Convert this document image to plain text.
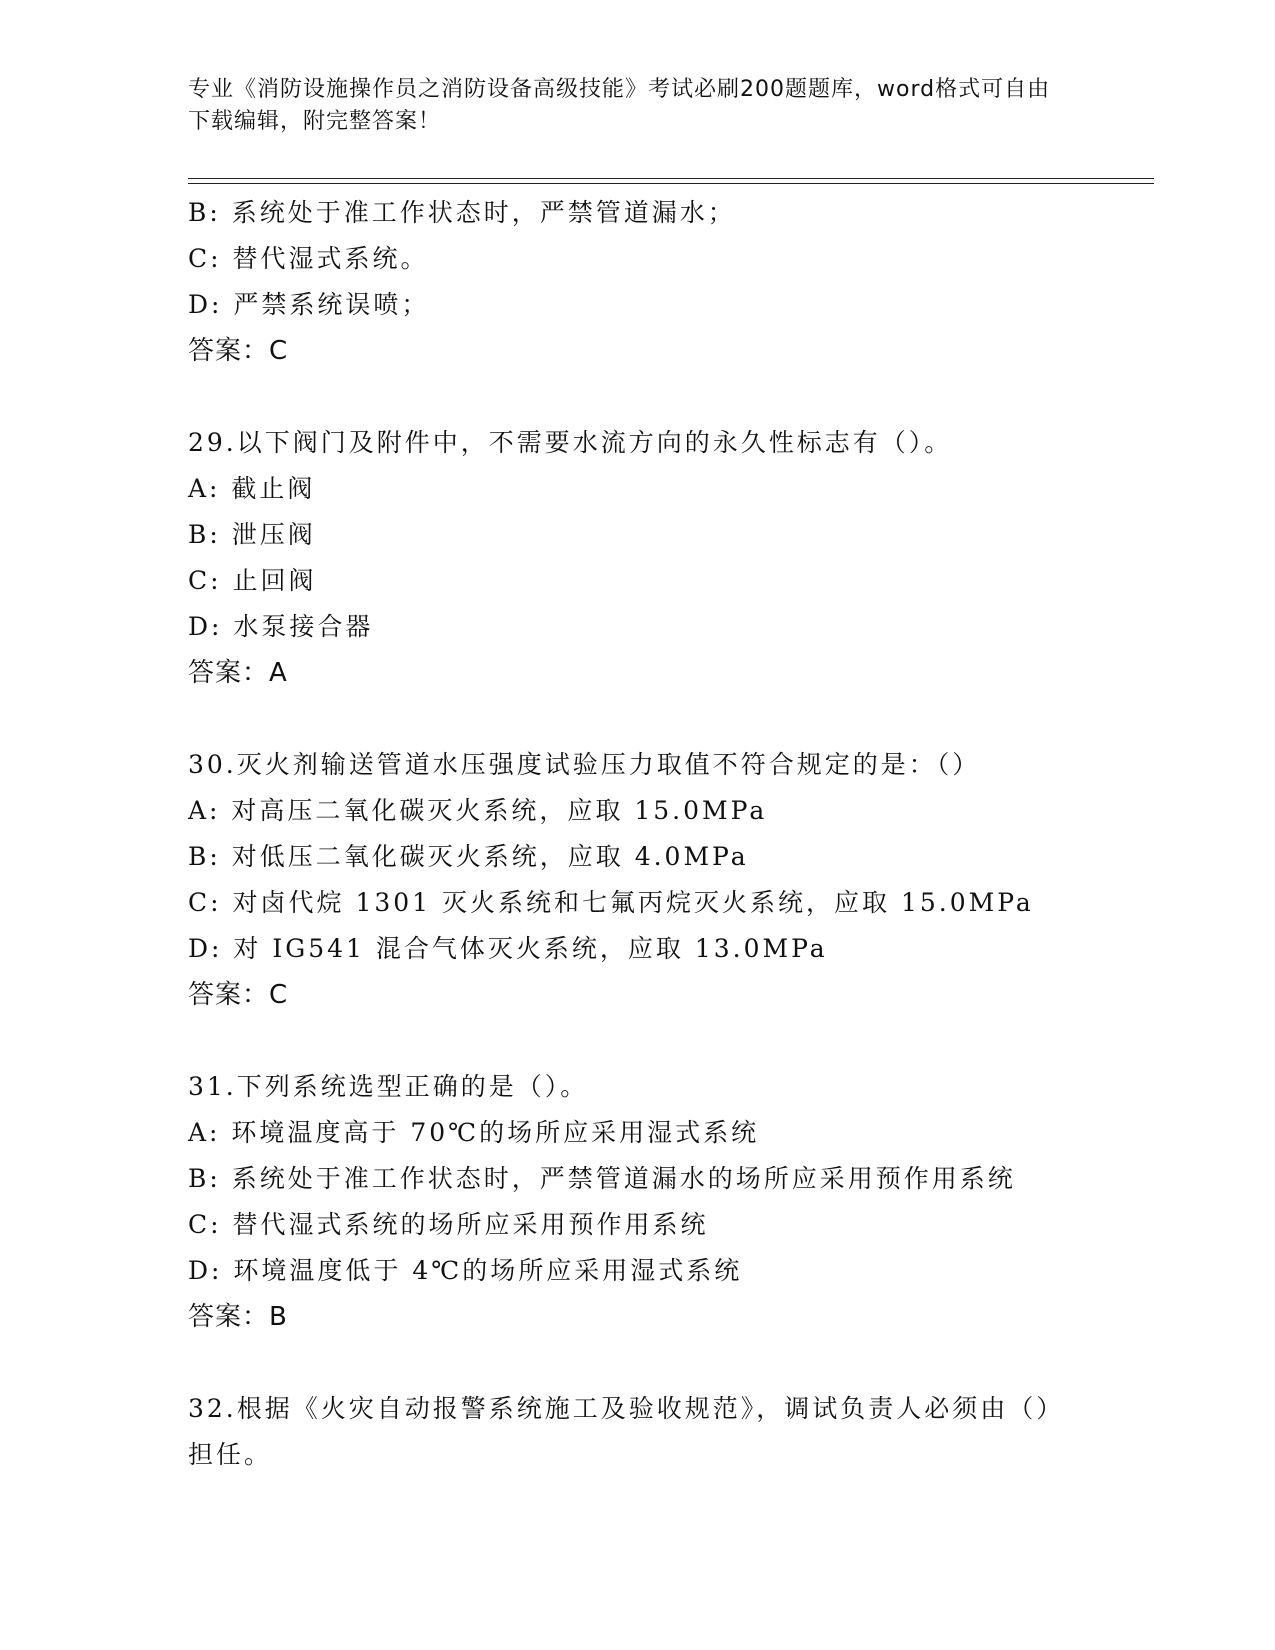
专业《消防设施操作员之消防设备高级技能》考试必刷200题题库，word格式可自由下载编辑，附完整答案！
B: 系统处于准工作状态时，严禁管道漏水；
C: 替代湿式系统。
D: 严禁系统误喷；
答案：C
29.以下阀门及附件中，不需要水流方向的永久性标志有（）。
A: 截止阀
B: 泄压阀
C: 止回阀
D: 水泵接合器
答案：A
30.灭火剂输送管道水压强度试验压力取值不符合规定的是：（）
A: 对高压二氧化碳灭火系统，应取 15.0MPa
B: 对低压二氧化碳灭火系统，应取 4.0MPa
C: 对卤代烷 1301 灭火系统和七氟丙烷灭火系统，应取 15.0MPa
D: 对 IG541 混合气体灭火系统，应取 13.0MPa
答案：C
31.下列系统选型正确的是（）。
A: 环境温度高于 70℃的场所应采用湿式系统
B: 系统处于准工作状态时，严禁管道漏水的场所应采用预作用系统
C: 替代湿式系统的场所应采用预作用系统
D: 环境温度低于 4℃的场所应采用湿式系统
答案：B
32.根据《火灾自动报警系统施工及验收规范》，调试负责人必须由（）担任。
